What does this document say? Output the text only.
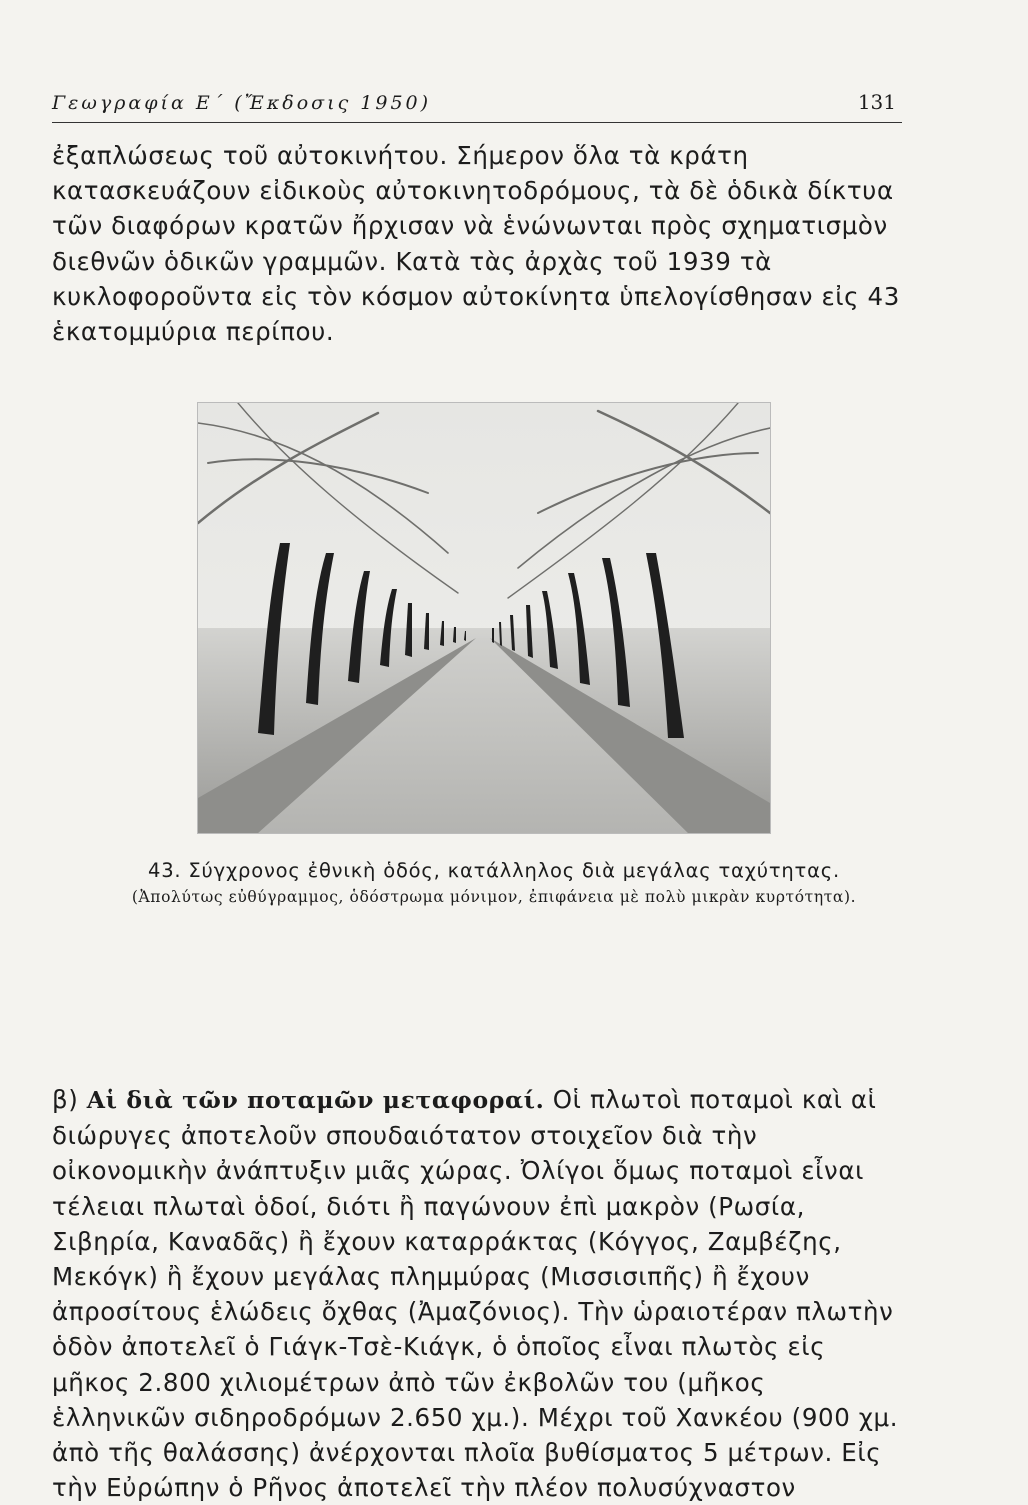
Γεωγραφία Ε΄ (Ἔκδοσις 1950)	131

ἐξαπλώσεως τοῦ αὐτοκινήτου. Σήμερον ὅλα τὰ κράτη κατασκευάζουν εἰδικοὺς αὐτοκινητοδρόμους, τὰ δὲ ὁδικὰ δίκτυα τῶν διαφόρων κρατῶν ἤρχισαν νὰ ἑνώνωνται πρὸς σχηματισμὸν διεθνῶν ὁδικῶν γραμμῶν. Κατὰ τὰς ἀρχὰς τοῦ 1939 τὰ κυκλοφοροῦντα εἰς τὸν κόσμον αὐτοκίνητα ὑπελογίσθησαν εἰς 43 ἑκατομμύρια περίπου.

43. Σύγχρονος ἐθνικὴ ὁδός, κατάλληλος διὰ μεγάλας ταχύτητας.
(Ἀπολύτως εὐθύγραμμος, ὁδόστρωμα μόνιμον, ἐπιφάνεια μὲ πολὺ μικρὰν κυρτότητα).

β) Αἱ διὰ τῶν ποταμῶν μεταφοραί. Οἱ πλωτοὶ ποταμοὶ καὶ αἱ διώρυγες ἀποτελοῦν σπουδαιότατον στοιχεῖον διὰ τὴν οἰκονομικὴν ἀνάπτυξιν μιᾶς χώρας. Ὀλίγοι ὅμως ποταμοὶ εἶναι τέλειαι πλωταὶ ὁδοί, διότι ἢ παγώνουν ἐπὶ μακρὸν (Ρωσία, Σιβηρία, Καναδᾶς) ἢ ἔχουν καταρράκτας (Κόγγος, Ζαμβέζης, Μεκόγκ) ἢ ἔχουν μεγάλας πλημμύρας (Μισσισιπῆς) ἢ ἔχουν ἀπροσίτους ἑλώδεις ὄχθας (Ἀμαζόνιος). Τὴν ὡραιοτέραν πλωτὴν ὁδὸν ἀποτελεῖ ὁ Γιάγκ-Τσὲ-Κιάγκ, ὁ ὁποῖος εἶναι πλωτὸς εἰς μῆκος 2.800 χιλιομέτρων ἀπὸ τῶν ἐκβολῶν του (μῆκος ἑλληνικῶν σιδηροδρόμων 2.650 χμ.). Μέχρι τοῦ Χανκέου (900 χμ. ἀπὸ τῆς θαλάσσης) ἀνέρχονται πλοῖα βυθίσματος 5 μέτρων. Εἰς τὴν Εὐρώπην ὁ Ρῆνος ἀποτελεῖ τὴν πλέον πολυσύχναστον
